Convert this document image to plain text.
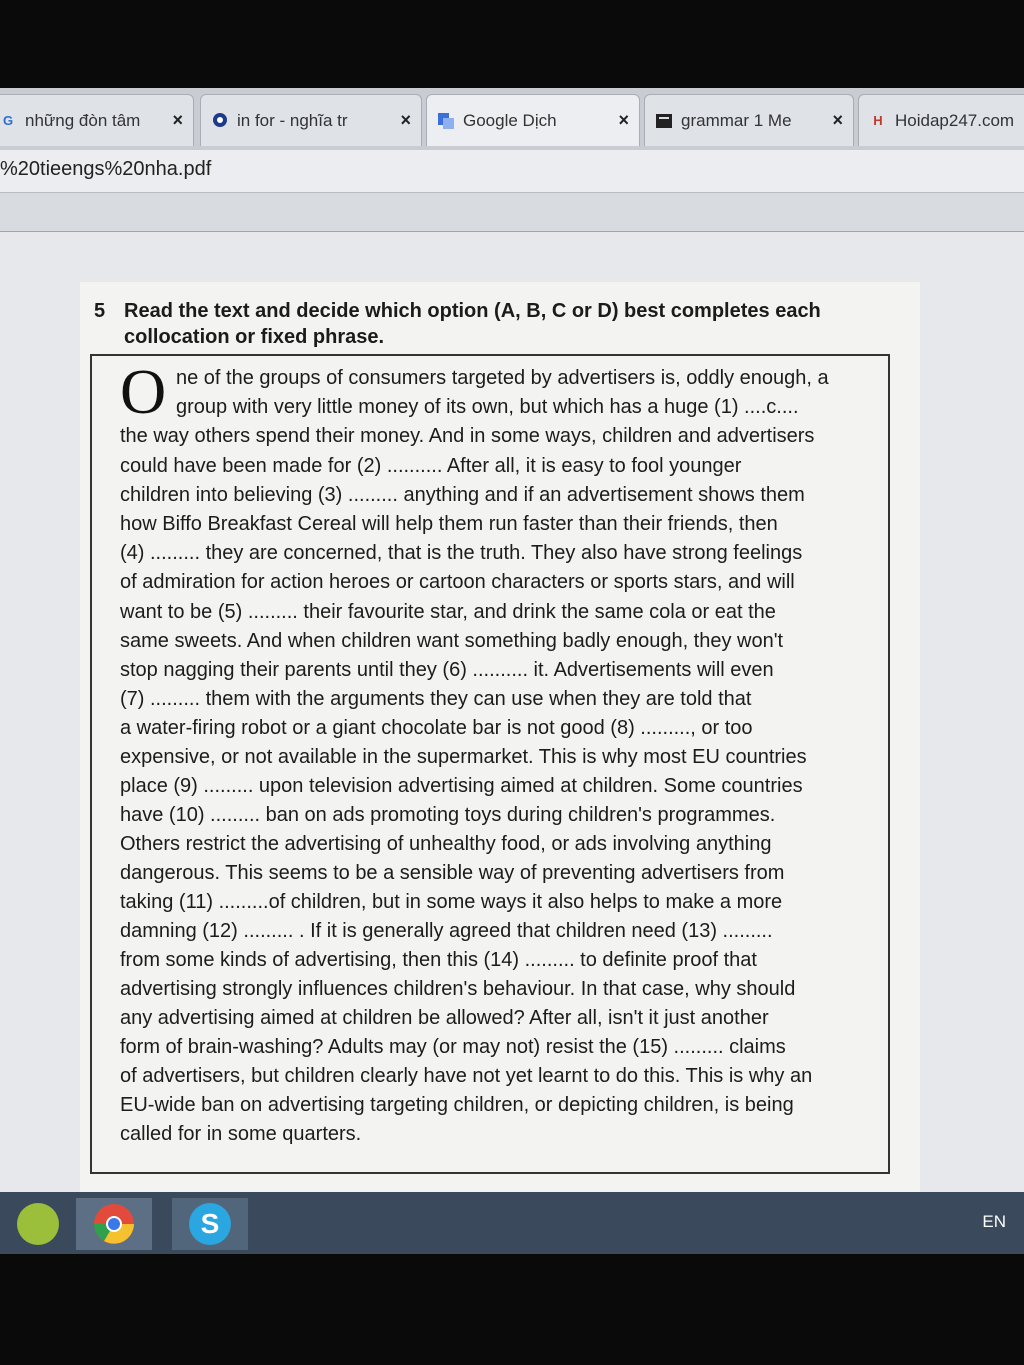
G những đòn tâm	×	in for - nghĩa tr	×	Google Dịch	×	grammar 1 Me	×	H Hoidap247.com
%20tieengs%20nha.pdf
5 Read the text and decide which option (A, B, C or D) best completes each
collocation or fixed phrase.
O ne of the groups of consumers targeted by advertisers is, oddly enough, a
group with very little money of its own, but which has a huge (1) ....c....
the way others spend their money. And in some ways, children and advertisers
could have been made for (2) .......... After all, it is easy to fool younger
children into believing (3) ......... anything and if an advertisement shows them
how Biffo Breakfast Cereal will help them run faster than their friends, then
(4) ......... they are concerned, that is the truth. They also have strong feelings
of admiration for action heroes or cartoon characters or sports stars, and will
want to be (5) ......... their favourite star, and drink the same cola or eat the
same sweets. And when children want something badly enough, they won't
stop nagging their parents until they (6) .......... it. Advertisements will even
(7) ......... them with the arguments they can use when they are told that
a water-firing robot or a giant chocolate bar is not good (8) ........., or too
expensive, or not available in the supermarket. This is why most EU countries
place (9) ......... upon television advertising aimed at children. Some countries
have (10) ......... ban on ads promoting toys during children's programmes.
Others restrict the advertising of unhealthy food, or ads involving anything
dangerous. This seems to be a sensible way of preventing advertisers from
taking (11) .........of children, but in some ways it also helps to make a more
damning (12) ......... . If it is generally agreed that children need (13) .........
from some kinds of advertising, then this (14) ......... to definite proof that
advertising strongly influences children's behaviour. In that case, why should
any advertising aimed at children be allowed? After all, isn't it just another
form of brain-washing? Adults may (or may not) resist the (15) ......... claims
of advertisers, but children clearly have not yet learnt to do this. This is why an
EU-wide ban on advertising targeting children, or depicting children, is being
called for in some quarters.
S	EN
